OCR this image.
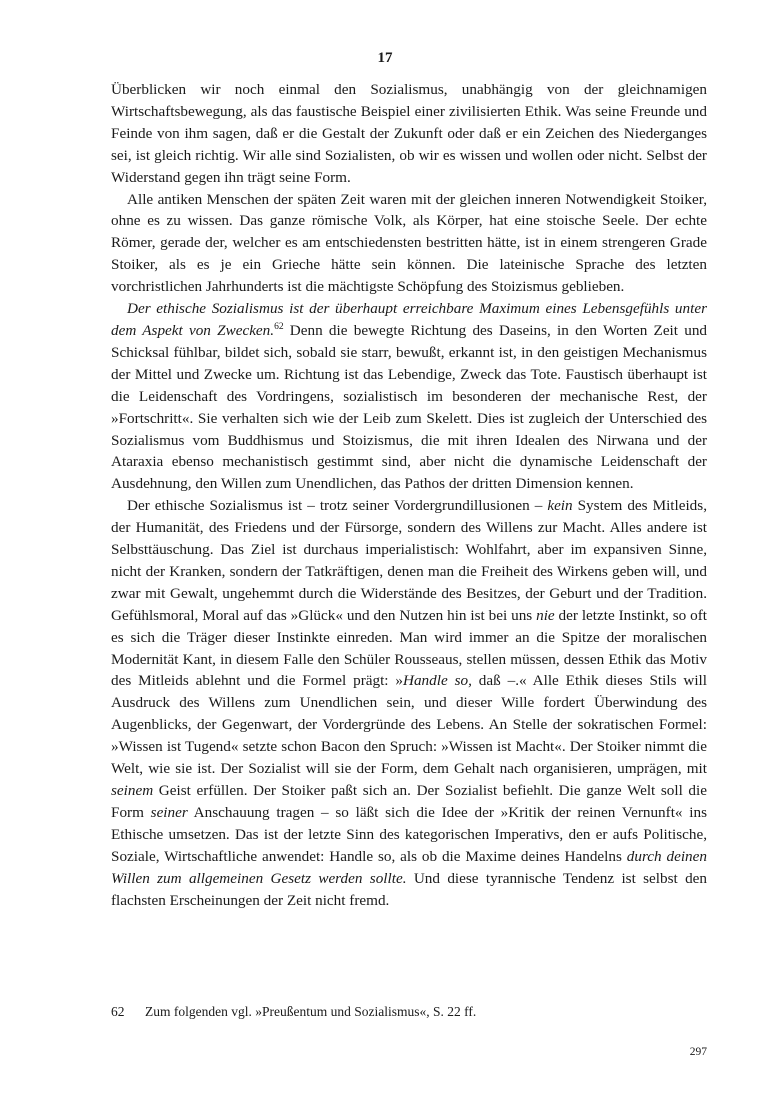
17

Überblicken wir noch einmal den Sozialismus, unabhängig von der gleichnamigen Wirtschaftsbewegung, als das faustische Beispiel einer zivilisierten Ethik. Was seine Freunde und Feinde von ihm sagen, daß er die Gestalt der Zukunft oder daß er ein Zeichen des Niederganges sei, ist gleich richtig. Wir alle sind Sozialisten, ob wir es wissen und wollen oder nicht. Selbst der Widerstand gegen ihn trägt seine Form.

Alle antiken Menschen der späten Zeit waren mit der gleichen inneren Notwendigkeit Stoiker, ohne es zu wissen. Das ganze römische Volk, als Körper, hat eine stoische Seele. Der echte Römer, gerade der, welcher es am entschiedensten bestritten hätte, ist in einem strengeren Grade Stoiker, als es je ein Grieche hätte sein können. Die lateinische Sprache des letzten vorchristlichen Jahrhunderts ist die mächtigste Schöpfung des Stoizismus geblieben.

Der ethische Sozialismus ist der überhaupt erreichbare Maximum eines Lebensgefühls unter dem Aspekt von Zwecken.$^{62}$ Denn die bewegte Richtung des Daseins, in den Worten Zeit und Schicksal fühlbar, bildet sich, sobald sie starr, bewußt, erkannt ist, in den geistigen Mechanismus der Mittel und Zwecke um. Richtung ist das Lebendige, Zweck das Tote. Faustisch überhaupt ist die Leidenschaft des Vordringens, sozialistisch im besonderen der mechanische Rest, der »Fortschritt«. Sie verhalten sich wie der Leib zum Skelett. Dies ist zugleich der Unterschied des Sozialismus vom Buddhismus und Stoizismus, die mit ihren Idealen des Nirwana und der Ataraxia ebenso mechanistisch gestimmt sind, aber nicht die dynamische Leidenschaft der Ausdehnung, den Willen zum Unendlichen, das Pathos der dritten Dimension kennen.

Der ethische Sozialismus ist – trotz seiner Vordergrundillusionen – kein System des Mitleids, der Humanität, des Friedens und der Fürsorge, sondern des Willens zur Macht. Alles andere ist Selbsttäuschung. Das Ziel ist durchaus imperialistisch: Wohlfahrt, aber im expansiven Sinne, nicht der Kranken, sondern der Tatkräftigen, denen man die Freiheit des Wirkens geben will, und zwar mit Gewalt, ungehemmt durch die Widerstände des Besitzes, der Geburt und der Tradition. Gefühlsmoral, Moral auf das »Glück« und den Nutzen hin ist bei uns nie der letzte Instinkt, so oft es sich die Träger dieser Instinkte einreden. Man wird immer an die Spitze der moralischen Modernität Kant, in diesem Falle den Schüler Rousseaus, stellen müssen, dessen Ethik das Motiv des Mitleids ablehnt und die Formel prägt: »Handle so, daß –.« Alle Ethik dieses Stils will Ausdruck des Willens zum Unendlichen sein, und dieser Wille fordert Überwindung des Augenblicks, der Gegenwart, der Vordergründe des Lebens. An Stelle der sokratischen Formel: »Wissen ist Tugend« setzte schon Bacon den Spruch: »Wissen ist Macht«. Der Stoiker nimmt die Welt, wie sie ist. Der Sozialist will sie der Form, dem Gehalt nach organisieren, umprägen, mit seinem Geist erfüllen. Der Stoiker paßt sich an. Der Sozialist befiehlt. Die ganze Welt soll die Form seiner Anschauung tragen – so läßt sich die Idee der »Kritik der reinen Vernunft« ins Ethische umsetzen. Das ist der letzte Sinn des kategorischen Imperativs, den er aufs Politische, Soziale, Wirtschaftliche anwendet: Handle so, als ob die Maxime deines Handelns durch deinen Willen zum allgemeinen Gesetz werden sollte. Und diese tyrannische Tendenz ist selbst den flachsten Erscheinungen der Zeit nicht fremd.

62 Zum folgenden vgl. »Preußentum und Sozialismus«, S. 22 ff.
297
